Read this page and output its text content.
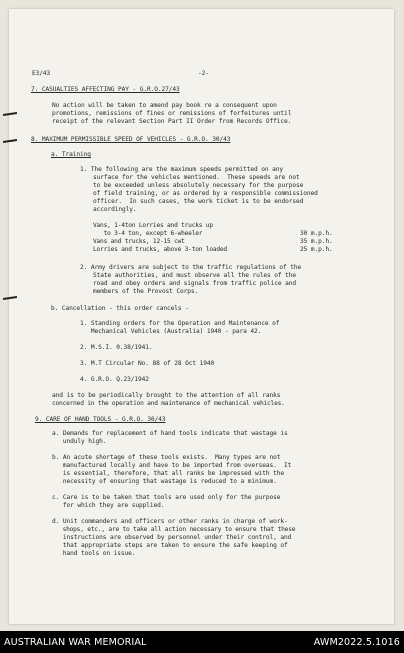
E3/43	-2-
7. CASUALTIES AFFECTING PAY - G.R.O.27/43
No action will be taken to amend pay book re a consequent upon
promotions, remissions of fines or remissions of forfeitures until
receipt of the relevant Section Part II Order from Records Office.
8. MAXIMUM PERMISSIBLE SPEED OF VEHICLES - G.R.O. 30/43
a. Training
1. The following are the maximum speeds permitted on any
surface for the vehicles mentioned.  These speeds are not
to be exceeded unless absolutely necessary for the purpose
of field training, or as ordered by a responsible commissioned
officer.  In such cases, the work ticket is to be endorsed
accordingly.
Vans, 1-4ton Lorries and trucks up
to 3-4 ton, except 6-wheeler	30 m.p.h.
Vans and trucks, 12-15 cwt	35 m.p.h.
Lorries and trucks, above 3-ton loaded	25 m.p.h.
2. Army drivers are subject to the traffic regulations of the
State authorities, and must observe all the rules of the
road and obey orders and signals from traffic police and
members of the Provost Corps.
b. Cancellation - this order cancels -
1. Standing orders for the Operation and Maintenance of
Mechanical Vehicles (Australia) 1940 - para 42.
2. M.S.I. 0.38/1941.
3. M.T Circular No. 88 of 28 Oct 1940
4. G.R.O. Q.23/1942
and is to be periodically brought to the attention of all ranks
concerned in the operation and maintenance of mechanical vehicles.
9. CARE OF HAND TOOLS - G.R.O. 36/43
a. Demands for replacement of hand tools indicate that wastage is
unduly high.
b. An acute shortage of these tools exists.  Many types are not
manufactured locally and have to be imported from overseas.  It
is essential, therefore, that all ranks be impressed with the
necessity of ensuring that wastage is reduced to a minimum.
c. Care is to be taken that tools are used only for the purpose
for which they are supplied.
d. Unit commanders and officers or other ranks in charge of work-
shops, etc., are to take all action necessary to ensure that these
instructions are observed by personnel under their control, and
that appropriate steps are taken to ensure the safe keeping of
hand tools on issue.
AUSTRALIAN WAR MEMORIAL	AWM2022.5.1016
